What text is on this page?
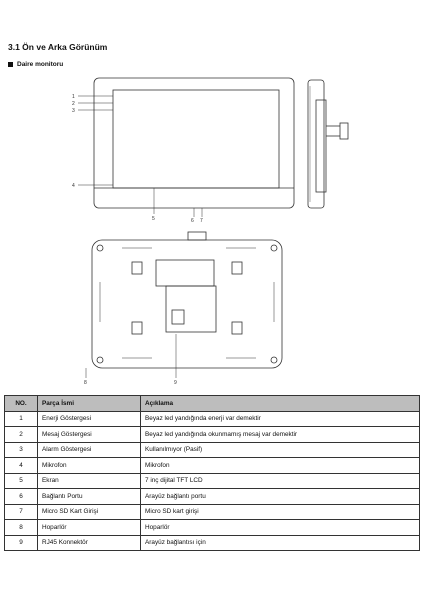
3.1 Ön ve Arka Görünüm
Daire monitoru
1
2
3
4
5	6 7
8	9
NO.	Parça İsmi	Açıklama
1	Enerji Göstergesi	Beyaz led yandığında enerji var demektir
2	Mesaj Göstergesi	Beyaz led yandığında okunmamış mesaj var demektir
3	Alarm Göstergesi	Kullanılmıyor (Pasif)
4	Mikrofon	Mikrofon
5	Ekran	7 inç dijital TFT LCD
6	Bağlantı Portu	Arayüz bağlantı portu
7	Micro SD Kart Girişi	Micro SD kart girişi
8	Hoparlör	Hoparlör
9	RJ45 Konnektör	Arayüz bağlantısı için
